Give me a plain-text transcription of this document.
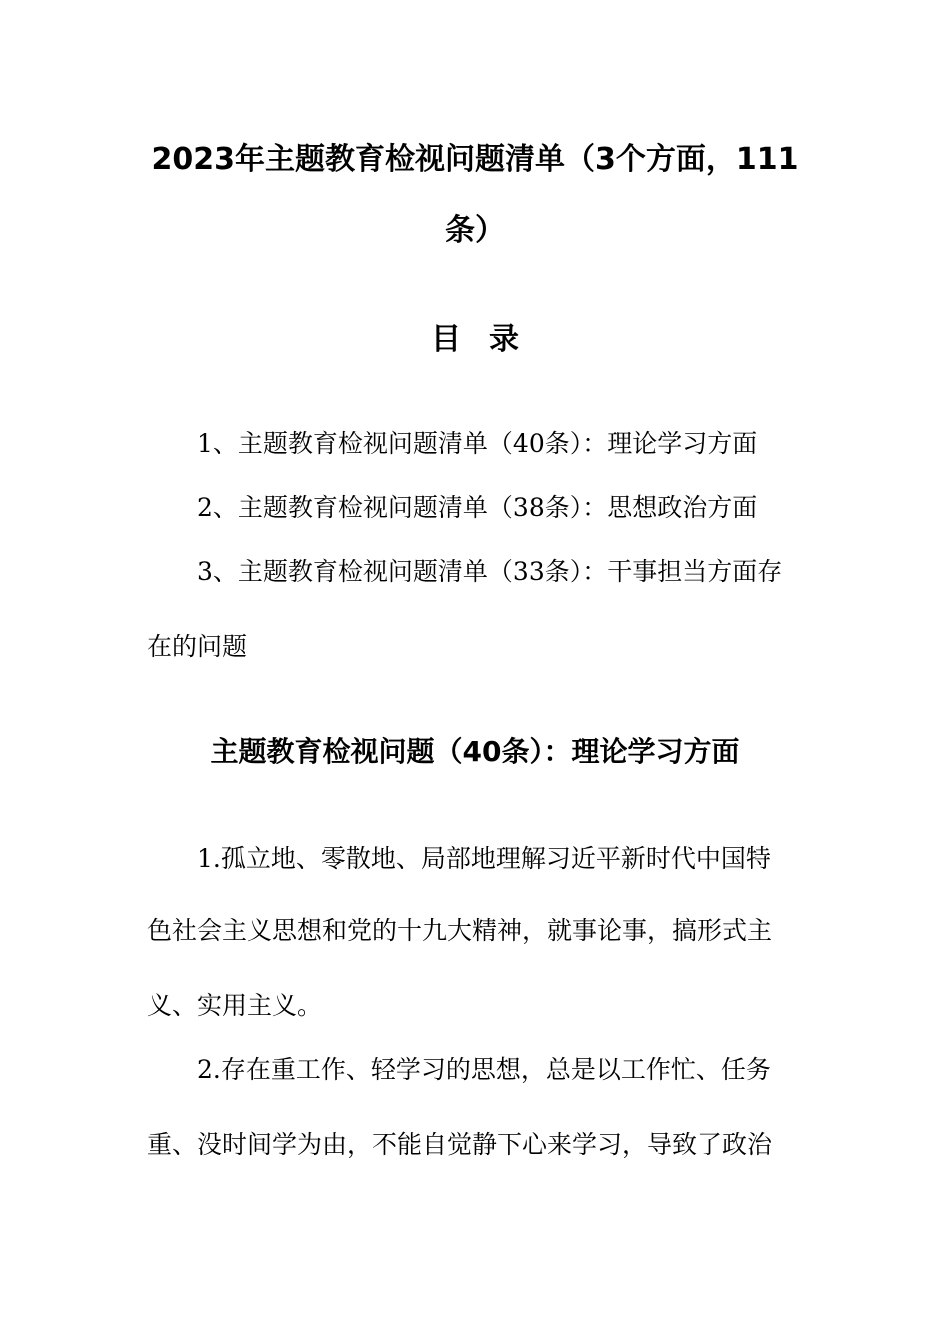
2023年主题教育检视问题清单（3个方面，111
条）
目录
1、主题教育检视问题清单（40条）：理论学习方面
2、主题教育检视问题清单（38条）：思想政治方面
3、主题教育检视问题清单（33条）：干事担当方面存
在的问题
主题教育检视问题（40条）：理论学习方面
1.孤立地、零散地、局部地理解习近平新时代中国特
色社会主义思想和党的十九大精神，就事论事，搞形式主
义、实用主义。
2.存在重工作、轻学习的思想，总是以工作忙、任务
重、没时间学为由，不能自觉静下心来学习，导致了政治
